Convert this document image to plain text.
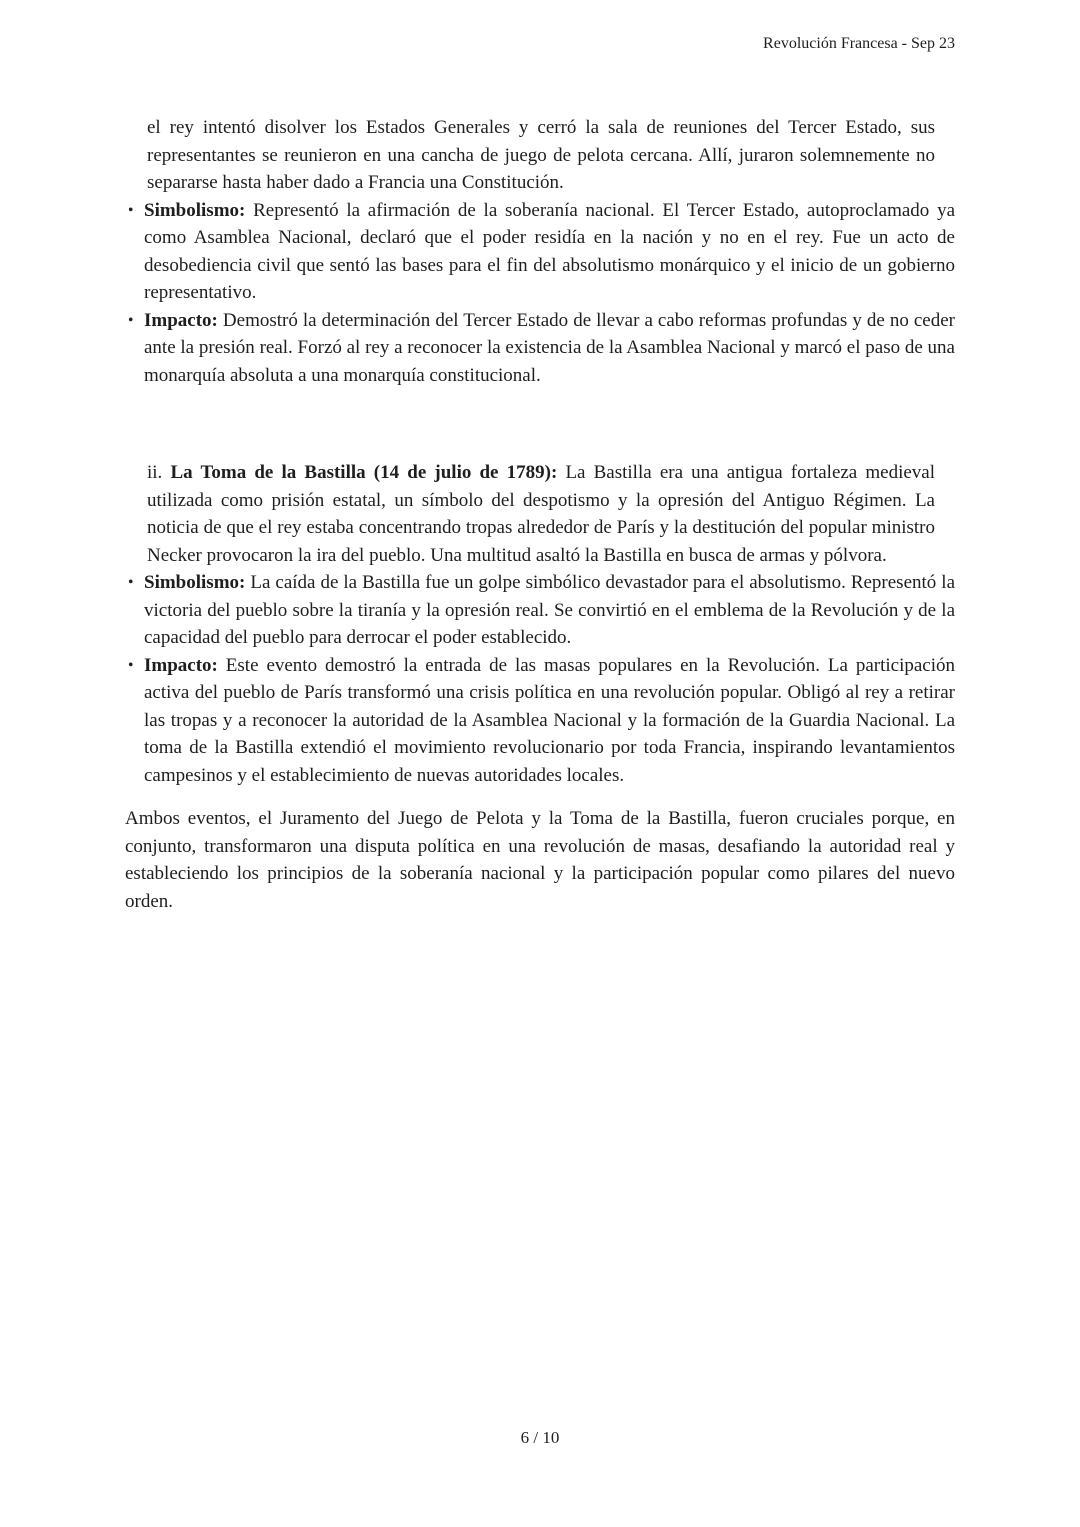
Revolución Francesa - Sep 23

el rey intentó disolver los Estados Generales y cerró la sala de reuniones del Tercer Estado, sus representantes se reunieron en una cancha de juego de pelota cercana. Allí, juraron solemnemente no separarse hasta haber dado a Francia una Constitución.

• Simbolismo: Representó la afirmación de la soberanía nacional. El Tercer Estado, autoproclamado ya como Asamblea Nacional, declaró que el poder residía en la nación y no en el rey. Fue un acto de desobediencia civil que sentó las bases para el fin del absolutismo monárquico y el inicio de un gobierno representativo.
• Impacto: Demostró la determinación del Tercer Estado de llevar a cabo reformas profundas y de no ceder ante la presión real. Forzó al rey a reconocer la existencia de la Asamblea Nacional y marcó el paso de una monarquía absoluta a una monarquía constitucional.

ii. La Toma de la Bastilla (14 de julio de 1789): La Bastilla era una antigua fortaleza medieval utilizada como prisión estatal, un símbolo del despotismo y la opresión del Antiguo Régimen. La noticia de que el rey estaba concentrando tropas alrededor de París y la destitución del popular ministro Necker provocaron la ira del pueblo. Una multitud asaltó la Bastilla en busca de armas y pólvora.

• Simbolismo: La caída de la Bastilla fue un golpe simbólico devastador para el absolutismo. Representó la victoria del pueblo sobre la tiranía y la opresión real. Se convirtió en el emblema de la Revolución y de la capacidad del pueblo para derrocar el poder establecido.
• Impacto: Este evento demostró la entrada de las masas populares en la Revolución. La participación activa del pueblo de París transformó una crisis política en una revolución popular. Obligó al rey a retirar las tropas y a reconocer la autoridad de la Asamblea Nacional y la formación de la Guardia Nacional. La toma de la Bastilla extendió el movimiento revolucionario por toda Francia, inspirando levantamientos campesinos y el establecimiento de nuevas autoridades locales.

Ambos eventos, el Juramento del Juego de Pelota y la Toma de la Bastilla, fueron cruciales porque, en conjunto, transformaron una disputa política en una revolución de masas, desafiando la autoridad real y estableciendo los principios de la soberanía nacional y la participación popular como pilares del nuevo orden.

6 / 10
